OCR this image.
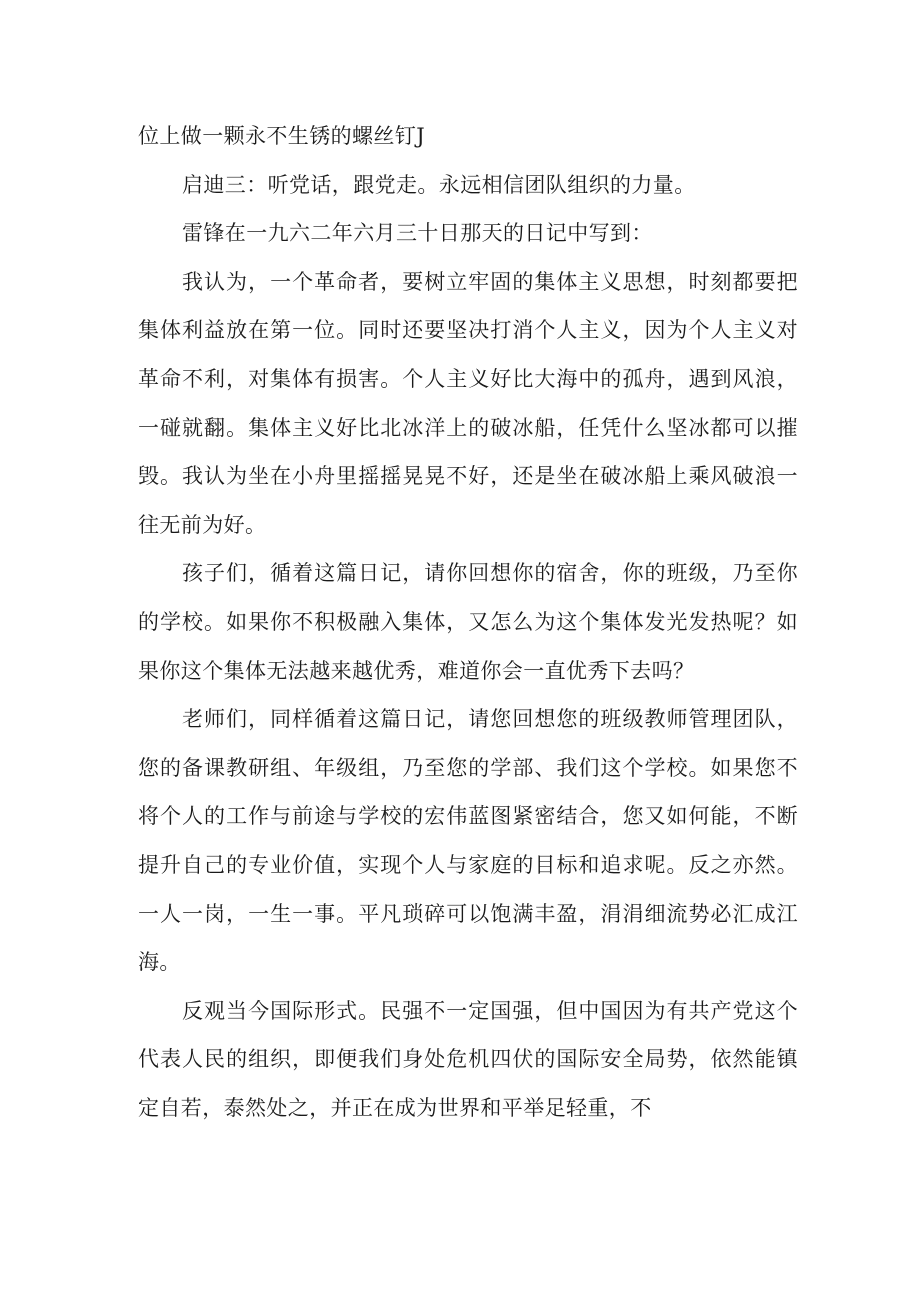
位上做一颗永不生锈的螺丝钉J

启迪三：听党话，跟党走。永远相信团队组织的力量。

雷锋在一九六二年六月三十日那天的日记中写到：

我认为，一个革命者，要树立牢固的集体主义思想，时刻都要把集体利益放在第一位。同时还要坚决打消个人主义，因为个人主义对革命不利，对集体有损害。个人主义好比大海中的孤舟，遇到风浪，一碰就翻。集体主义好比北冰洋上的破冰船，任凭什么坚冰都可以摧毁。我认为坐在小舟里摇摇晃晃不好，还是坐在破冰船上乘风破浪一往无前为好。

孩子们，循着这篇日记，请你回想你的宿舍，你的班级，乃至你的学校。如果你不积极融入集体，又怎么为这个集体发光发热呢？如果你这个集体无法越来越优秀，难道你会一直优秀下去吗？

老师们，同样循着这篇日记，请您回想您的班级教师管理团队，您的备课教研组、年级组，乃至您的学部、我们这个学校。如果您不将个人的工作与前途与学校的宏伟蓝图紧密结合，您又如何能，不断提升自己的专业价值，实现个人与家庭的目标和追求呢。反之亦然。一人一岗，一生一事。平凡琐碎可以饱满丰盈，涓涓细流势必汇成江海。

反观当今国际形式。民强不一定国强，但中国因为有共产党这个代表人民的组织，即便我们身处危机四伏的国际安全局势，依然能镇定自若，泰然处之，并正在成为世界和平举足轻重，不
